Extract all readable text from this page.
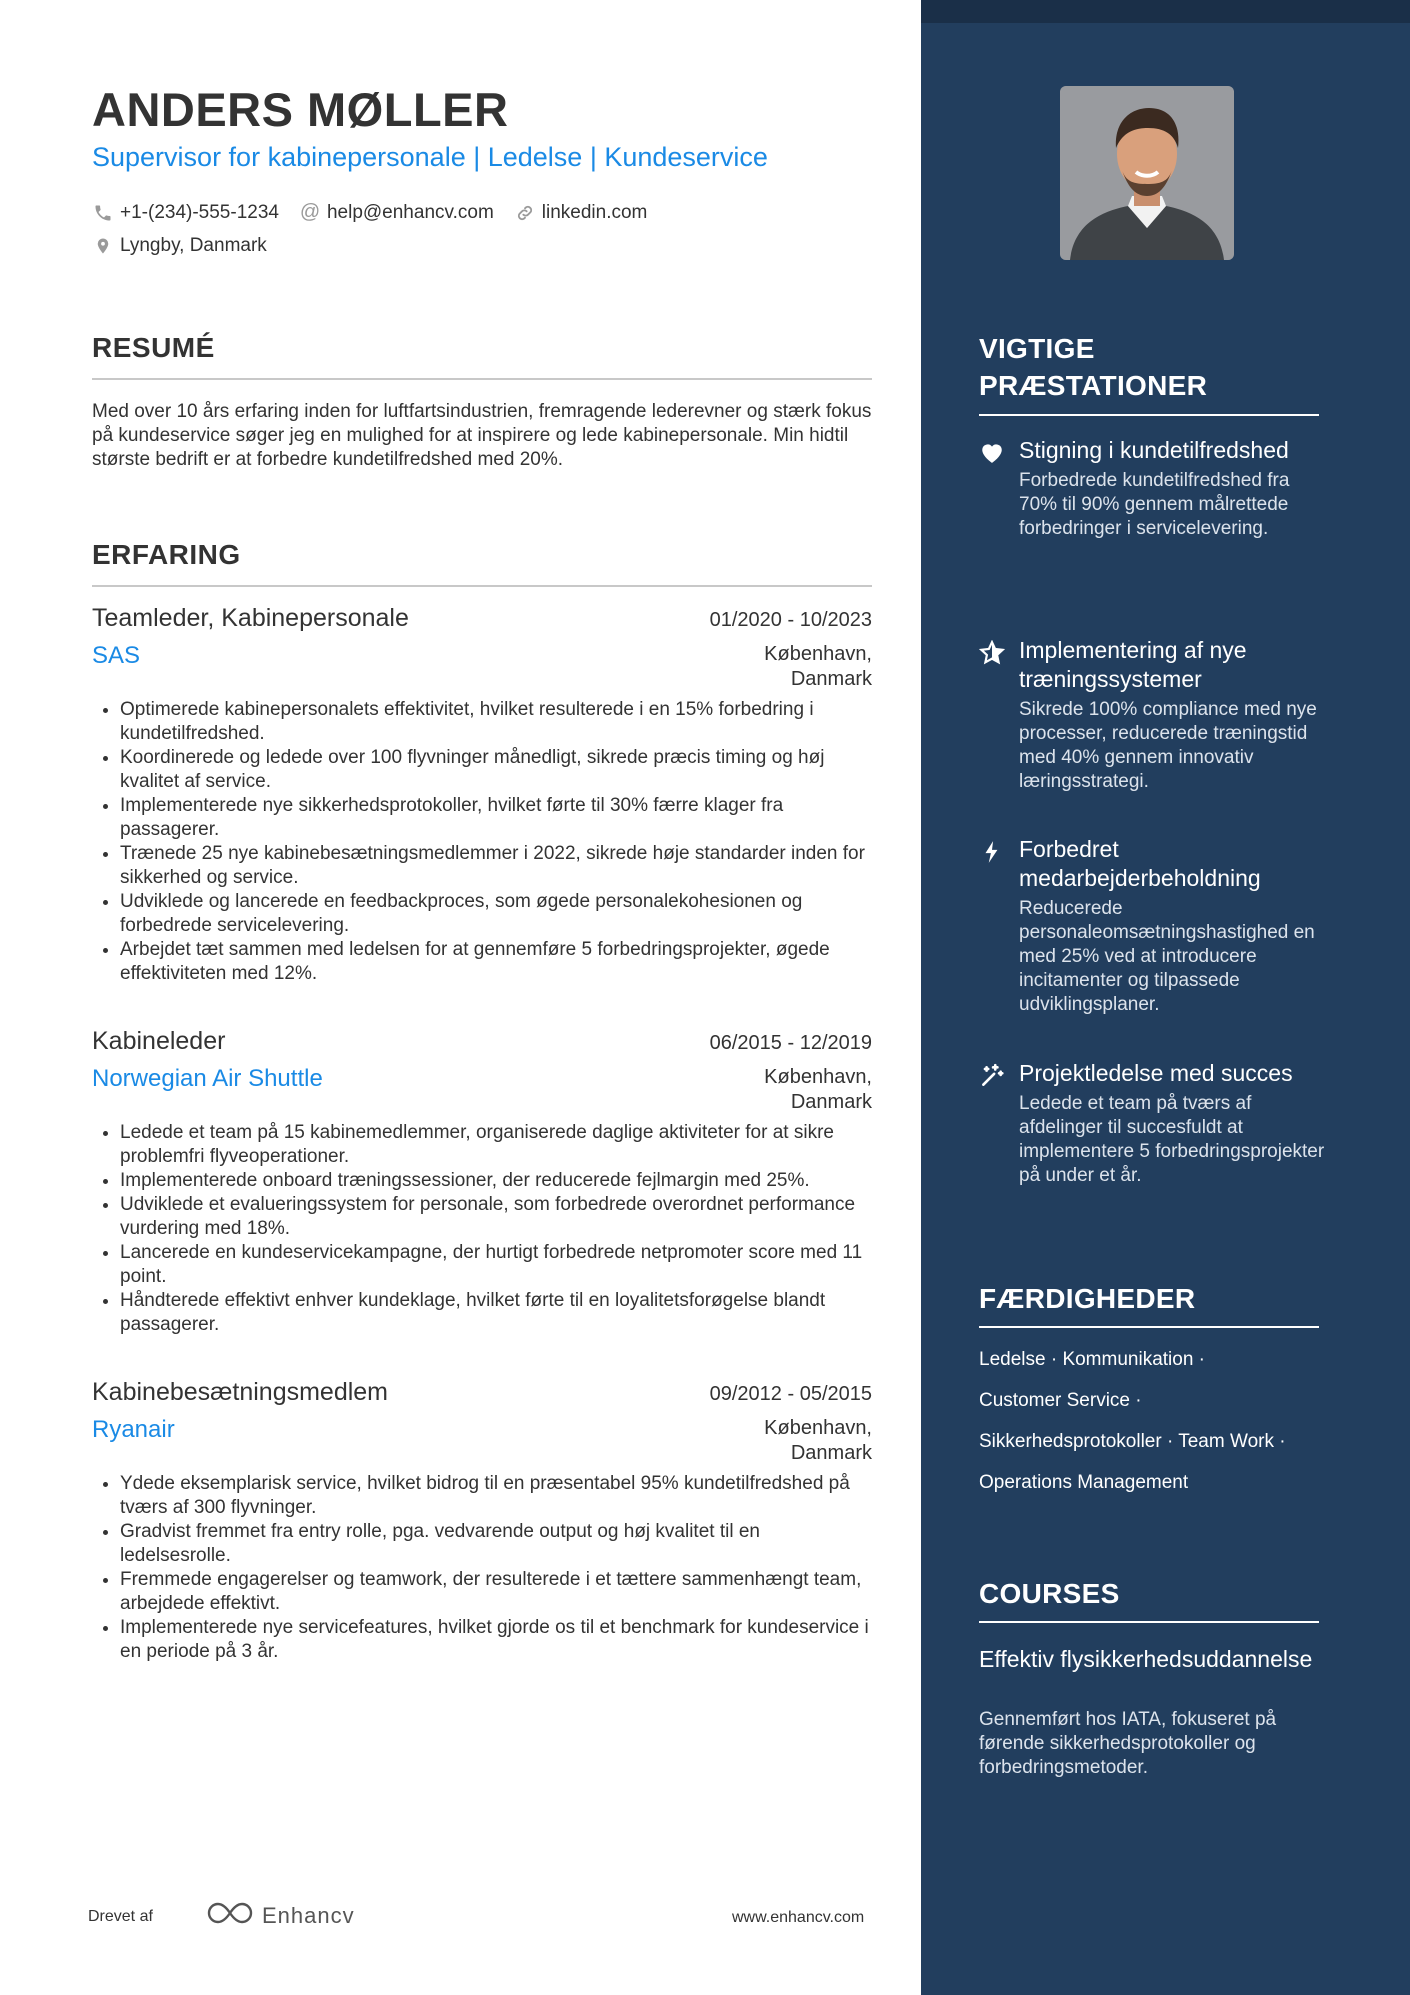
ANDERS MØLLER
Supervisor for kabinepersonale | Ledelse | Kundeservice
+1-(234)-555-1234 @ help@enhancv.com	linkedin.com
Lyngby, Danmark
RESUMÉ

Med over 10 års erfaring inden for luftfartsindustrien, fremragende lederevner og stærk fokus på kundeservice søger jeg en mulighed for at inspirere og lede kabinepersonale. Min hidtil største bedrift er at forbedre kundetilfredshed med 20%.

ERFARING
Teamleder, Kabinepersonale	01/2020 - 10/2023
SAS	København,
Danmark
• Optimerede kabinepersonalets effektivitet, hvilket resulterede i en 15% forbedring i kundetilfredshed.
• Koordinerede og ledede over 100 flyvninger månedligt, sikrede præcis timing og høj kvalitet af service.
• Implementerede nye sikkerhedsprotokoller, hvilket førte til 30% færre klager fra passagerer.
• Trænede 25 nye kabinebesætningsmedlemmer i 2022, sikrede høje standarder inden for sikkerhed og service.
• Udviklede og lancerede en feedbackproces, som øgede personalekohesionen og forbedrede servicelevering.
• Arbejdet tæt sammen med ledelsen for at gennemføre 5 forbedringsprojekter, øgede effektiviteten med 12%.
Kabineleder	06/2015 - 12/2019
Norwegian Air Shuttle	København,
Danmark
• Ledede et team på 15 kabinemedlemmer, organiserede daglige aktiviteter for at sikre problemfri flyveoperationer.
• Implementerede onboard træningssessioner, der reducerede fejlmargin med 25%.
• Udviklede et evalueringssystem for personale, som forbedrede overordnet performance vurdering med 18%.
• Lancerede en kundeservicekampagne, der hurtigt forbedrede netpromoter score med 11 point.
• Håndterede effektivt enhver kundeklage, hvilket førte til en loyalitetsforøgelse blandt passagerer.
Kabinebesætningsmedlem	09/2012 - 05/2015
Ryanair	København,
Danmark
• Ydede eksemplarisk service, hvilket bidrog til en præsentabel 95% kundetilfredshed på tværs af 300 flyvninger.
• Gradvist fremmet fra entry rolle, pga. vedvarende output og høj kvalitet til en ledelsesrolle.
• Fremmede engagerelser og teamwork, der resulterede i et tættere sammenhængt team, arbejdede effektivt.
• Implementerede nye servicefeatures, hvilket gjorde os til et benchmark for kundeservice i en periode på 3 år.
Drevet af	Enhancv	www.enhancv.com
VIGTIGE
PRÆSTATIONER
Stigning i kundetilfredshed
Forbedrede kundetilfredshed fra 70% til 90% gennem målrettede forbedringer i servicelevering.
Implementering af nye træningssystemer
Sikrede 100% compliance med nye processer, reducerede træningstid med 40% gennem innovativ læringsstrategi.
Forbedret medarbejderbeholdning
Reducerede personaleomsætningshastighed en med 25% ved at introducere incitamenter og tilpassede udviklingsplaner.
Projektledelse med succes
Ledede et team på tværs af afdelinger til succesfuldt at implementere 5 forbedringsprojekter på under et år.
FÆRDIGHEDER
Ledelse · Kommunikation ·
Customer Service ·
Sikkerhedsprotokoller · Team Work ·
Operations Management
COURSES
Effektiv flysikkerhedsuddannelse
Gennemført hos IATA, fokuseret på førende sikkerhedsprotokoller og forbedringsmetoder.
